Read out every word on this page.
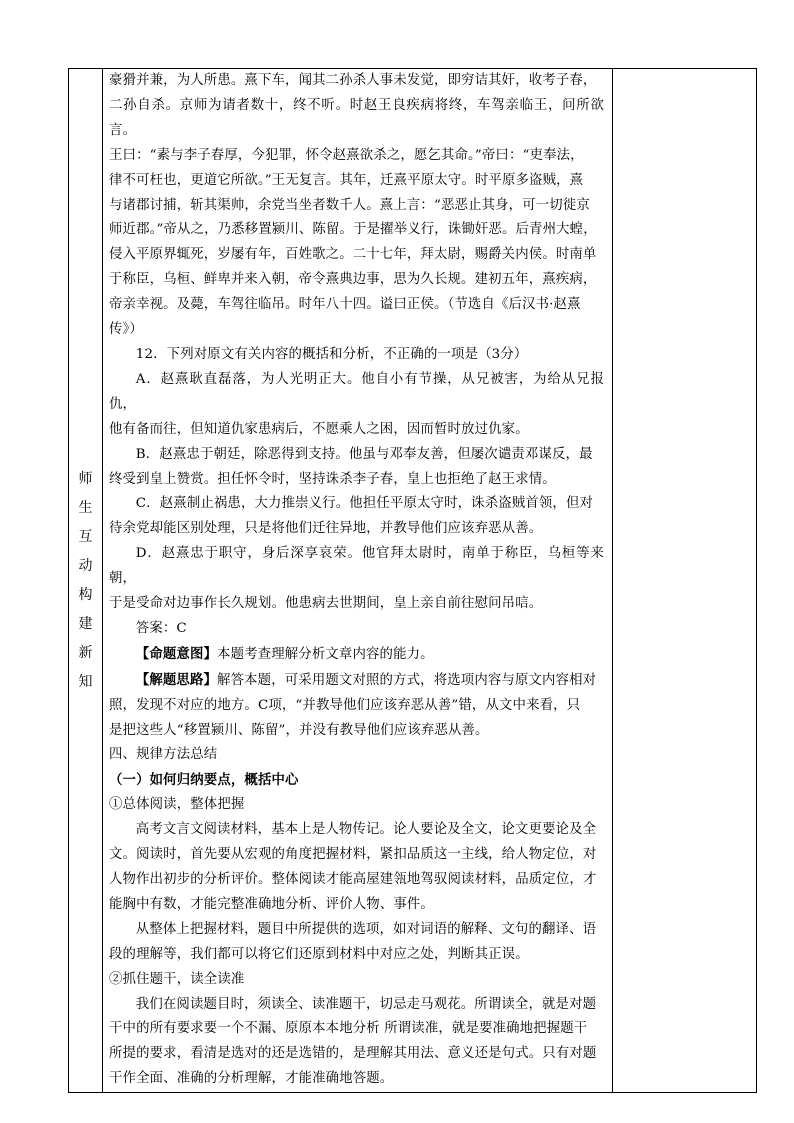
师
生
互
动
构
建
新
知

豪猾并兼，为人所患。熹下车，闻其二孙杀人事未发觉，即穷诘其奸，收考子春，

二孙自杀。京师为请者数十，终不听。时赵王良疾病将终，车驾亲临王，问所欲言。

王曰：“素与李子春厚，今犯罪，怀令赵熹欲杀之，愿乞其命。”帝曰：“吏奉法，

律不可枉也，更道它所欲。”王无复言。其年，迁熹平原太守。时平原多盗贼，熹

与诸郡讨捕，斩其渠帅，余党当坐者数千人。熹上言：“恶恶止其身，可一切徙京

师近郡。”帝从之，乃悉移置颍川、陈留。于是擢举义行，诛锄奸恶。后青州大蝗，

侵入平原界辄死，岁屡有年，百姓歌之。二十七年，拜太尉，赐爵关内侯。时南单

于称臣，乌桓、鲜卑并来入朝，帝令熹典边事，思为久长规。建初五年，熹疾病，

帝亲幸视。及薨，车驾往临吊。时年八十四。谥曰正侯。（节选自《后汉书·赵熹

传》）

12．下列对原文有关内容的概括和分析，不正确的一项是（3分）

A．赵熹耿直磊落，为人光明正大。他自小有节操，从兄被害，为给从兄报仇，

他有备而往，但知道仇家患病后，不愿乘人之困，因而暂时放过仇家。

B．赵熹忠于朝廷，除恶得到支持。他虽与邓奉友善，但屡次谴责邓谋反，最

终受到皇上赞赏。担任怀令时，坚持诛杀李子春，皇上也拒绝了赵王求情。

C．赵熹制止祸患，大力推崇义行。他担任平原太守时，诛杀盗贼首领，但对

待余党却能区别处理，只是将他们迁往异地，并教导他们应该弃恶从善。

D．赵熹忠于职守，身后深享哀荣。他官拜太尉时，南单于称臣，乌桓等来朝，

于是受命对边事作长久规划。他患病去世期间，皇上亲自前往慰问吊唁。

答案：C

【命题意图】本题考查理解分析文章内容的能力。

【解题思路】解答本题，可采用题文对照的方式，将选项内容与原文内容相对

照，发现不对应的地方。C项，“并教导他们应该弃恶从善”错，从文中来看，只

是把这些人“移置颍川、陈留”，并没有教导他们应该弃恶从善。

四、规律方法总结

（一）如何归纳要点，概括中心

①总体阅读，整体把握

高考文言文阅读材料，基本上是人物传记。论人要论及全文，论文更要论及全

文。阅读时，首先要从宏观的角度把握材料，紧扣品质这一主线，给人物定位，对

人物作出初步的分析评价。整体阅读才能高屋建瓴地驾驭阅读材料，品质定位，才

能胸中有数，才能完整准确地分析、评价人物、事件。

从整体上把握材料，题目中所提供的选项，如对词语的解释、文句的翻译、语

段的理解等，我们都可以将它们还原到材料中对应之处，判断其正误。

②抓住题干，读全读准

我们在阅读题目时，须读全、读准题干，切忌走马观花。所谓读全，就是对题

干中的所有要求要一个不漏、原原本本地分析 所谓读准，就是要准确地把握题干

所提的要求，看清是选对的还是选错的，是理解其用法、意义还是句式。只有对题

干作全面、准确的分析理解，才能准确地答题。
